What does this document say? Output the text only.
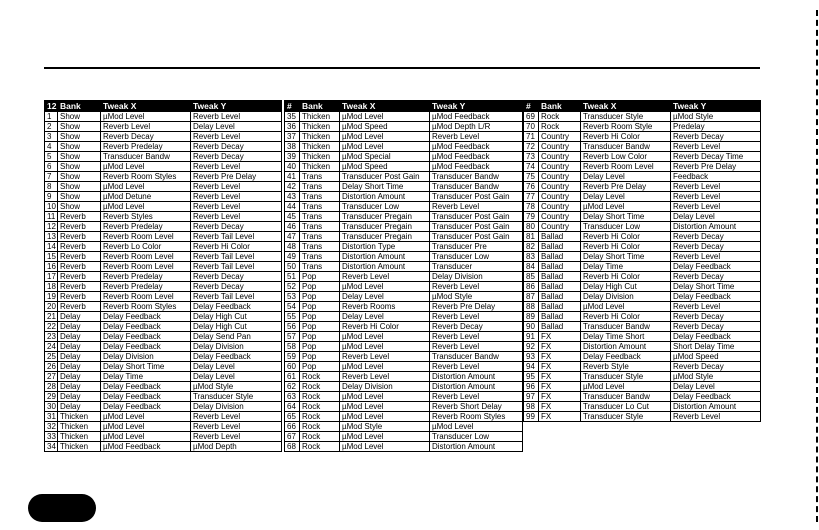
12	Bank	Tweak X	Tweak Y
1	Show	µMod Level	Reverb Level
2	Show	Reverb Level	Delay Level
3	Show	Reverb Decay	Reverb Level
4	Show	Reverb Predelay	Reverb Decay
5	Show	Transducer Bandw	Reverb Decay
6	Show	µMod Level	Reverb Level
7	Show	Reverb Room Styles	Reverb Pre Delay
8	Show	µMod Level	Reverb Level
9	Show	µMod Detune	Reverb Level
10	Show	µMod Level	Reverb Level
11	Reverb	Reverb Styles	Reverb Level
12	Reverb	Reverb Predelay	Reverb Decay
13	Reverb	Reverb Room Level	Reverb Tail Level
14	Reverb	Reverb Lo Color	Reverb Hi Color
15	Reverb	Reverb Room Level	Reverb Tail Level
16	Reverb	Reverb Room Level	Reverb Tail Level
17	Reverb	Reverb Predelay	Reverb Decay
18	Reverb	Reverb Predelay	Reverb Decay
19	Reverb	Reverb Room Level	Reverb Tail Level
20	Reverb	Reverb Room Styles	Delay Feedback
21	Delay	Delay Feedback	Delay High Cut
22	Delay	Delay Feedback	Delay High Cut
23	Delay	Delay Feedback	Delay Send Pan
24	Delay	Delay Feedback	Delay Division
25	Delay	Delay Division	Delay Feedback
26	Delay	Delay Short Time	Delay Level
27	Delay	Delay Time	Delay Level
28	Delay	Delay Feedback	µMod Style
29	Delay	Delay Feedback	Transducer Style
30	Delay	Delay Feedback	Delay Division
31	Thicken	µMod Level	Reverb Level
32	Thicken	µMod Level	Reverb Level
33	Thicken	µMod Level	Reverb Level
34	Thicken	µMod Feedback	µMod Depth
#	Bank	Tweak X	Tweak Y
35	Thicken	µMod Level	µMod Feedback
36	Thicken	µMod Speed	µMod Depth L/R
37	Thicken	µMod Level	Reverb Level
38	Thicken	µMod Level	µMod Feedback
39	Thicken	µMod Special	µMod Feedback
40	Thicken	µMod Speed	µMod Feedback
41	Trans	Transducer Post Gain	Transducer Bandw
42	Trans	Delay Short Time	Transducer Bandw
43	Trans	Distortion Amount	Transducer Post Gain
44	Trans	Transducer Low	Reverb Level
45	Trans	Transducer Pregain	Transducer Post Gain
46	Trans	Transducer Pregain	Transducer Post Gain
47	Trans	Transducer Pregain	Transducer Post Gain
48	Trans	Distortion Type	Transducer Pre
49	Trans	Distortion Amount	Transducer Low
50	Trans	Distortion Amount	Transducer
51	Pop	Reverb Level	Delay Division
52	Pop	µMod Level	Reverb Level
53	Pop	Delay Level	µMod Style
54	Pop	Reverb Rooms	Reverb Pre Delay
55	Pop	Delay Level	Reverb Level
56	Pop	Reverb Hi Color	Reverb Decay
57	Pop	µMod Level	Reverb Level
58	Pop	µMod Level	Reverb Level
59	Pop	Reverb Level	Transducer Bandw
60	Pop	µMod Level	Reverb Level
61	Rock	Reverb Level	Distortion Amount
62	Rock	Delay Division	Distortion Amount
63	Rock	µMod Level	Reverb Level
64	Rock	µMod Level	Reverb Short Delay
65	Rock	µMod Level	Reverb Room Styles
66	Rock	µMod Style	µMod Level
67	Rock	µMod Level	Transducer Low
68	Rock	µMod Level	Distortion Amount
#	Bank	Tweak X	Tweak Y
69	Rock	Transducer Style	µMod Style
70	Rock	Reverb Room Style	Predelay
71	Country	Reverb Hi Color	Reverb Decay
72	Country	Transducer Bandw	Reverb Level
73	Country	Reverb Low Color	Reverb Decay Time
74	Country	Reverb Room Level	Reverb Pre Delay
75	Country	Delay Level	Feedback
76	Country	Reverb Pre Delay	Reverb Level
77	Country	Delay Level	Reverb Level
78	Country	µMod Level	Reverb Level
79	Country	Delay Short Time	Delay Level
80	Country	Transducer Low	Distortion Amount
81	Ballad	Reverb Hi Color	Reverb Decay
82	Ballad	Reverb Hi Color	Reverb Decay
83	Ballad	Delay Short Time	Reverb Level
84	Ballad	Delay Time	Delay Feedback
85	Ballad	Reverb Hi Color	Reverb Decay
86	Ballad	Delay High Cut	Delay Short Time
87	Ballad	Delay Division	Delay Feedback
88	Ballad	µMod Level	Reverb Level
89	Ballad	Reverb Hi Color	Reverb Decay
90	Ballad	Transducer Bandw	Reverb Decay
91	FX	Delay Time Short	Delay Feedback
92	FX	Distortion Amount	Short Delay Time
93	FX	Delay Feedback	µMod Speed
94	FX	Reverb Style	Reverb Decay
95	FX	Transducer Style	µMod Style
96	FX	µMod Level	Delay Level
97	FX	Transducer Bandw	Delay Feedback
98	FX	Transducer Lo Cut	Distortion Amount
99	FX	Transducer Style	Reverb Level
